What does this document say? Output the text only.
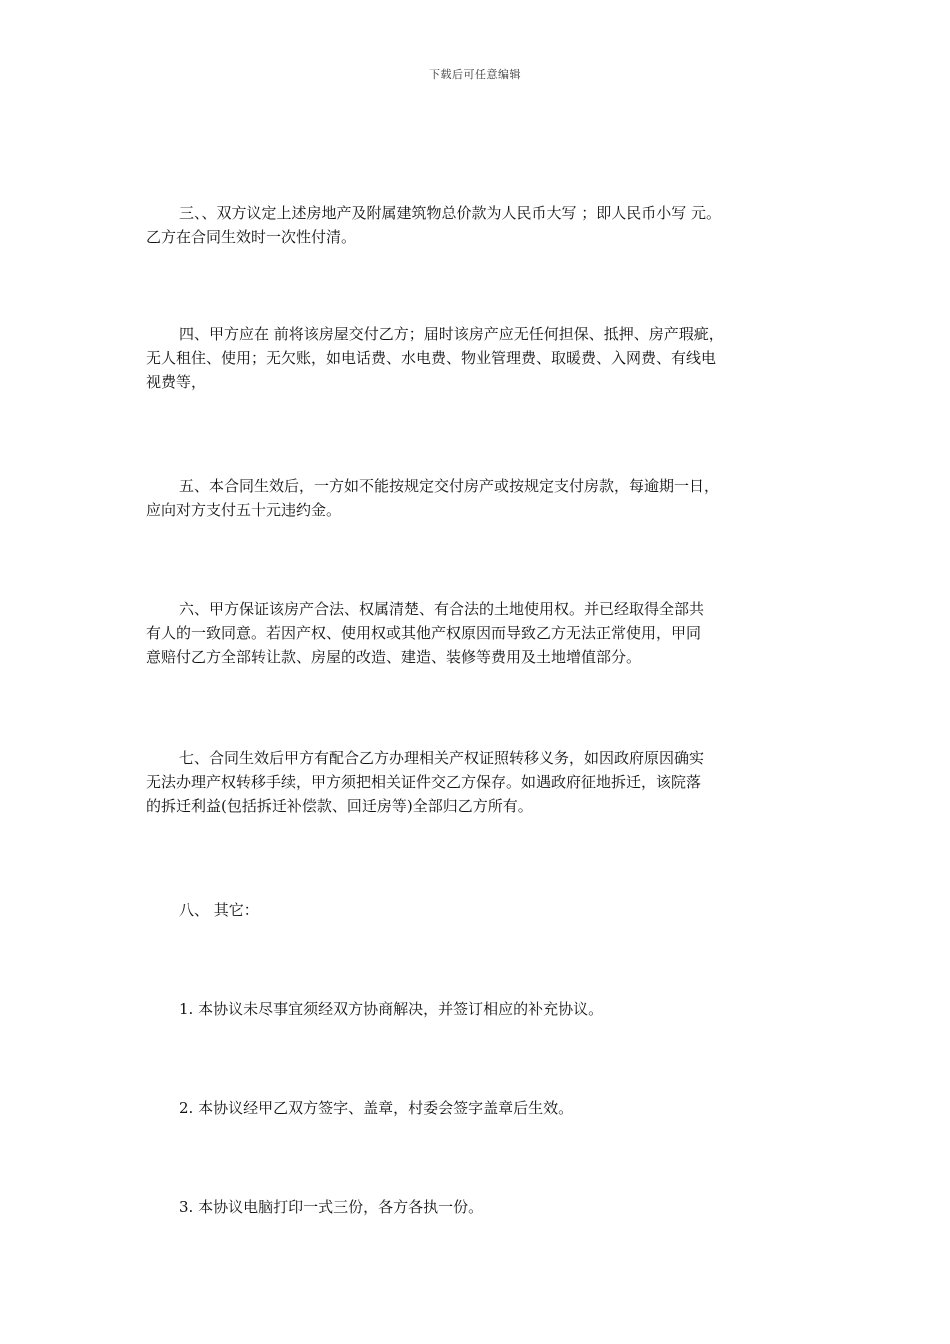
下载后可任意编辑
三、、双方议定上述房地产及附属建筑物总价款为人民币大写 ；即人民币小写 元。
乙方在合同生效时一次性付清。
四、甲方应在 前将该房屋交付乙方；届时该房产应无任何担保、抵押、房产瑕疵，
无人租住、使用；无欠账，如电话费、水电费、物业管理费、取暖费、入网费、有线电
视费等，
五、本合同生效后，一方如不能按规定交付房产或按规定支付房款，每逾期一日，
应向对方支付五十元违约金。
六、甲方保证该房产合法、权属清楚、有合法的土地使用权。并已经取得全部共
有人的一致同意。若因产权、使用权或其他产权原因而导致乙方无法正常使用，甲同
意赔付乙方全部转让款、房屋的改造、建造、装修等费用及土地增值部分。
七、合同生效后甲方有配合乙方办理相关产权证照转移义务，如因政府原因确实
无法办理产权转移手续，甲方须把相关证件交乙方保存。如遇政府征地拆迁，该院落
的拆迁利益(包括拆迁补偿款、回迁房等)全部归乙方所有。
八、 其它：
1. 本协议未尽事宜须经双方协商解决，并签订相应的补充协议。
2. 本协议经甲乙双方签字、盖章，村委会签字盖章后生效。
3. 本协议电脑打印一式三份，各方各执一份。
